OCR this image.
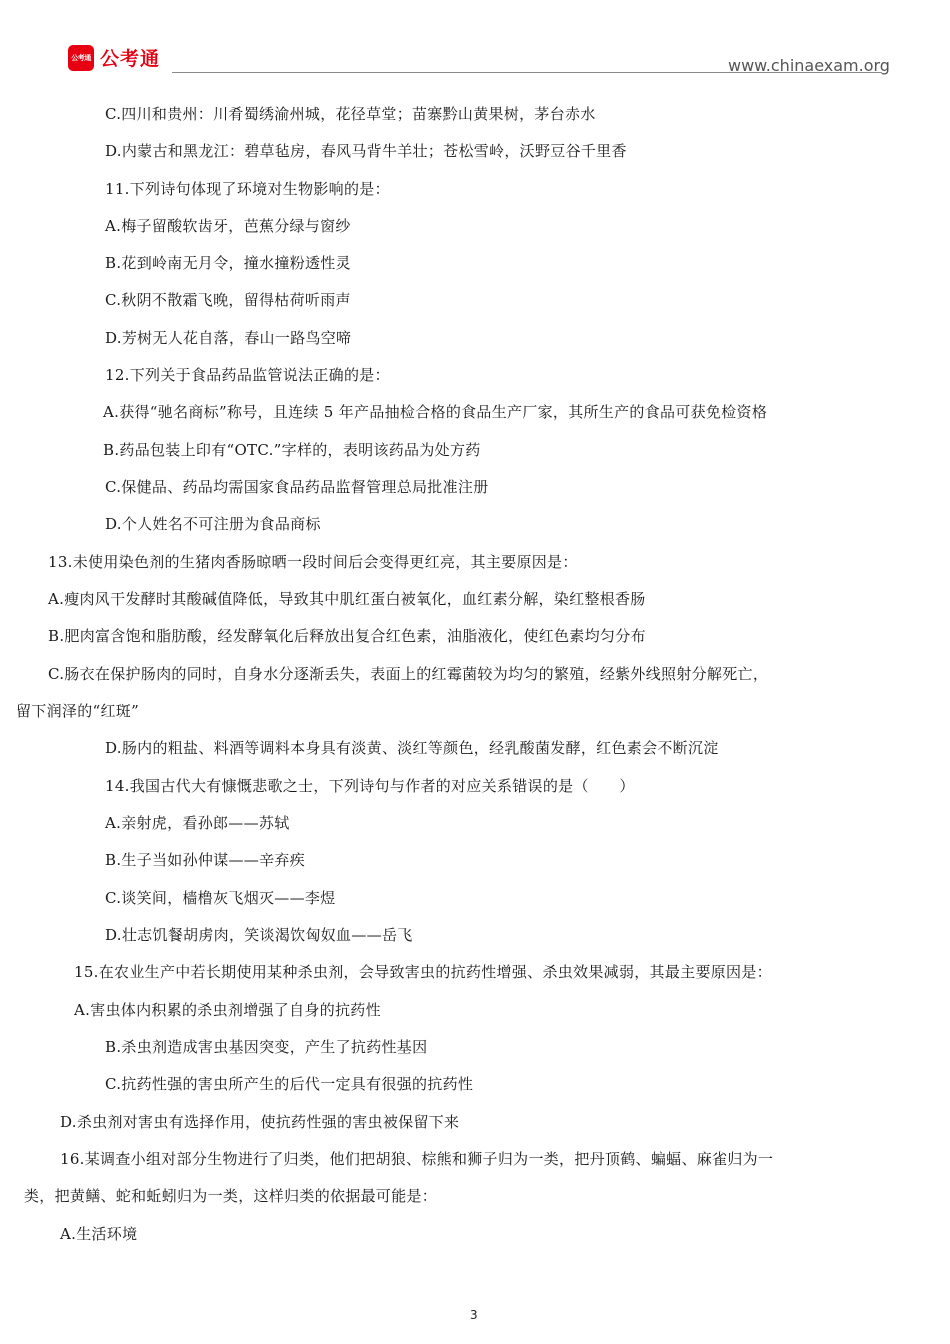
公考通 公考通	www.chinaexam.org
C.四川和贵州：川肴蜀绣渝州城，花径草堂；苗寨黔山黄果树，茅台赤水
D.内蒙古和黑龙江：碧草毡房，春风马背牛羊壮；苍松雪岭，沃野豆谷千里香
11.下列诗句体现了环境对生物影响的是：
A.梅子留酸软齿牙，芭蕉分绿与窗纱
B.花到岭南无月令，撞水撞粉透性灵
C.秋阴不散霜飞晚，留得枯荷听雨声
D.芳树无人花自落，春山一路鸟空啼
12.下列关于食品药品监管说法正确的是：
A.获得“驰名商标”称号，且连续 5 年产品抽检合格的食品生产厂家，其所生产的食品可获免检资格
B.药品包装上印有“OTC.”字样的，表明该药品为处方药
C.保健品、药品均需国家食品药品监督管理总局批准注册
D.个人姓名不可注册为食品商标
13.未使用染色剂的生猪肉香肠晾晒一段时间后会变得更红亮，其主要原因是：
A.瘦肉风干发酵时其酸碱值降低，导致其中肌红蛋白被氧化，血红素分解，染红整根香肠
B.肥肉富含饱和脂肪酸，经发酵氧化后释放出复合红色素，油脂液化，使红色素均匀分布
C.肠衣在保护肠肉的同时，自身水分逐渐丢失，表面上的红霉菌较为均匀的繁殖，经紫外线照射分解死亡，
留下润泽的“红斑”
D.肠内的粗盐、料酒等调料本身具有淡黄、淡红等颜色，经乳酸菌发酵，红色素会不断沉淀
14.我国古代大有慷慨悲歌之士，下列诗句与作者的对应关系错误的是（　　）
A.亲射虎，看孙郎——苏轼
B.生子当如孙仲谋——辛弃疾
C.谈笑间，樯橹灰飞烟灭——李煜
D.壮志饥餐胡虏肉，笑谈渴饮匈奴血——岳飞
15.在农业生产中若长期使用某种杀虫剂，会导致害虫的抗药性增强、杀虫效果减弱，其最主要原因是：
A.害虫体内积累的杀虫剂增强了自身的抗药性
B.杀虫剂造成害虫基因突变，产生了抗药性基因
C.抗药性强的害虫所产生的后代一定具有很强的抗药性
D.杀虫剂对害虫有选择作用，使抗药性强的害虫被保留下来
16.某调查小组对部分生物进行了归类，他们把胡狼、棕熊和狮子归为一类，把丹顶鹤、蝙蝠、麻雀归为一
类，把黄鳝、蛇和蚯蚓归为一类，这样归类的依据最可能是：
A.生活环境
3
